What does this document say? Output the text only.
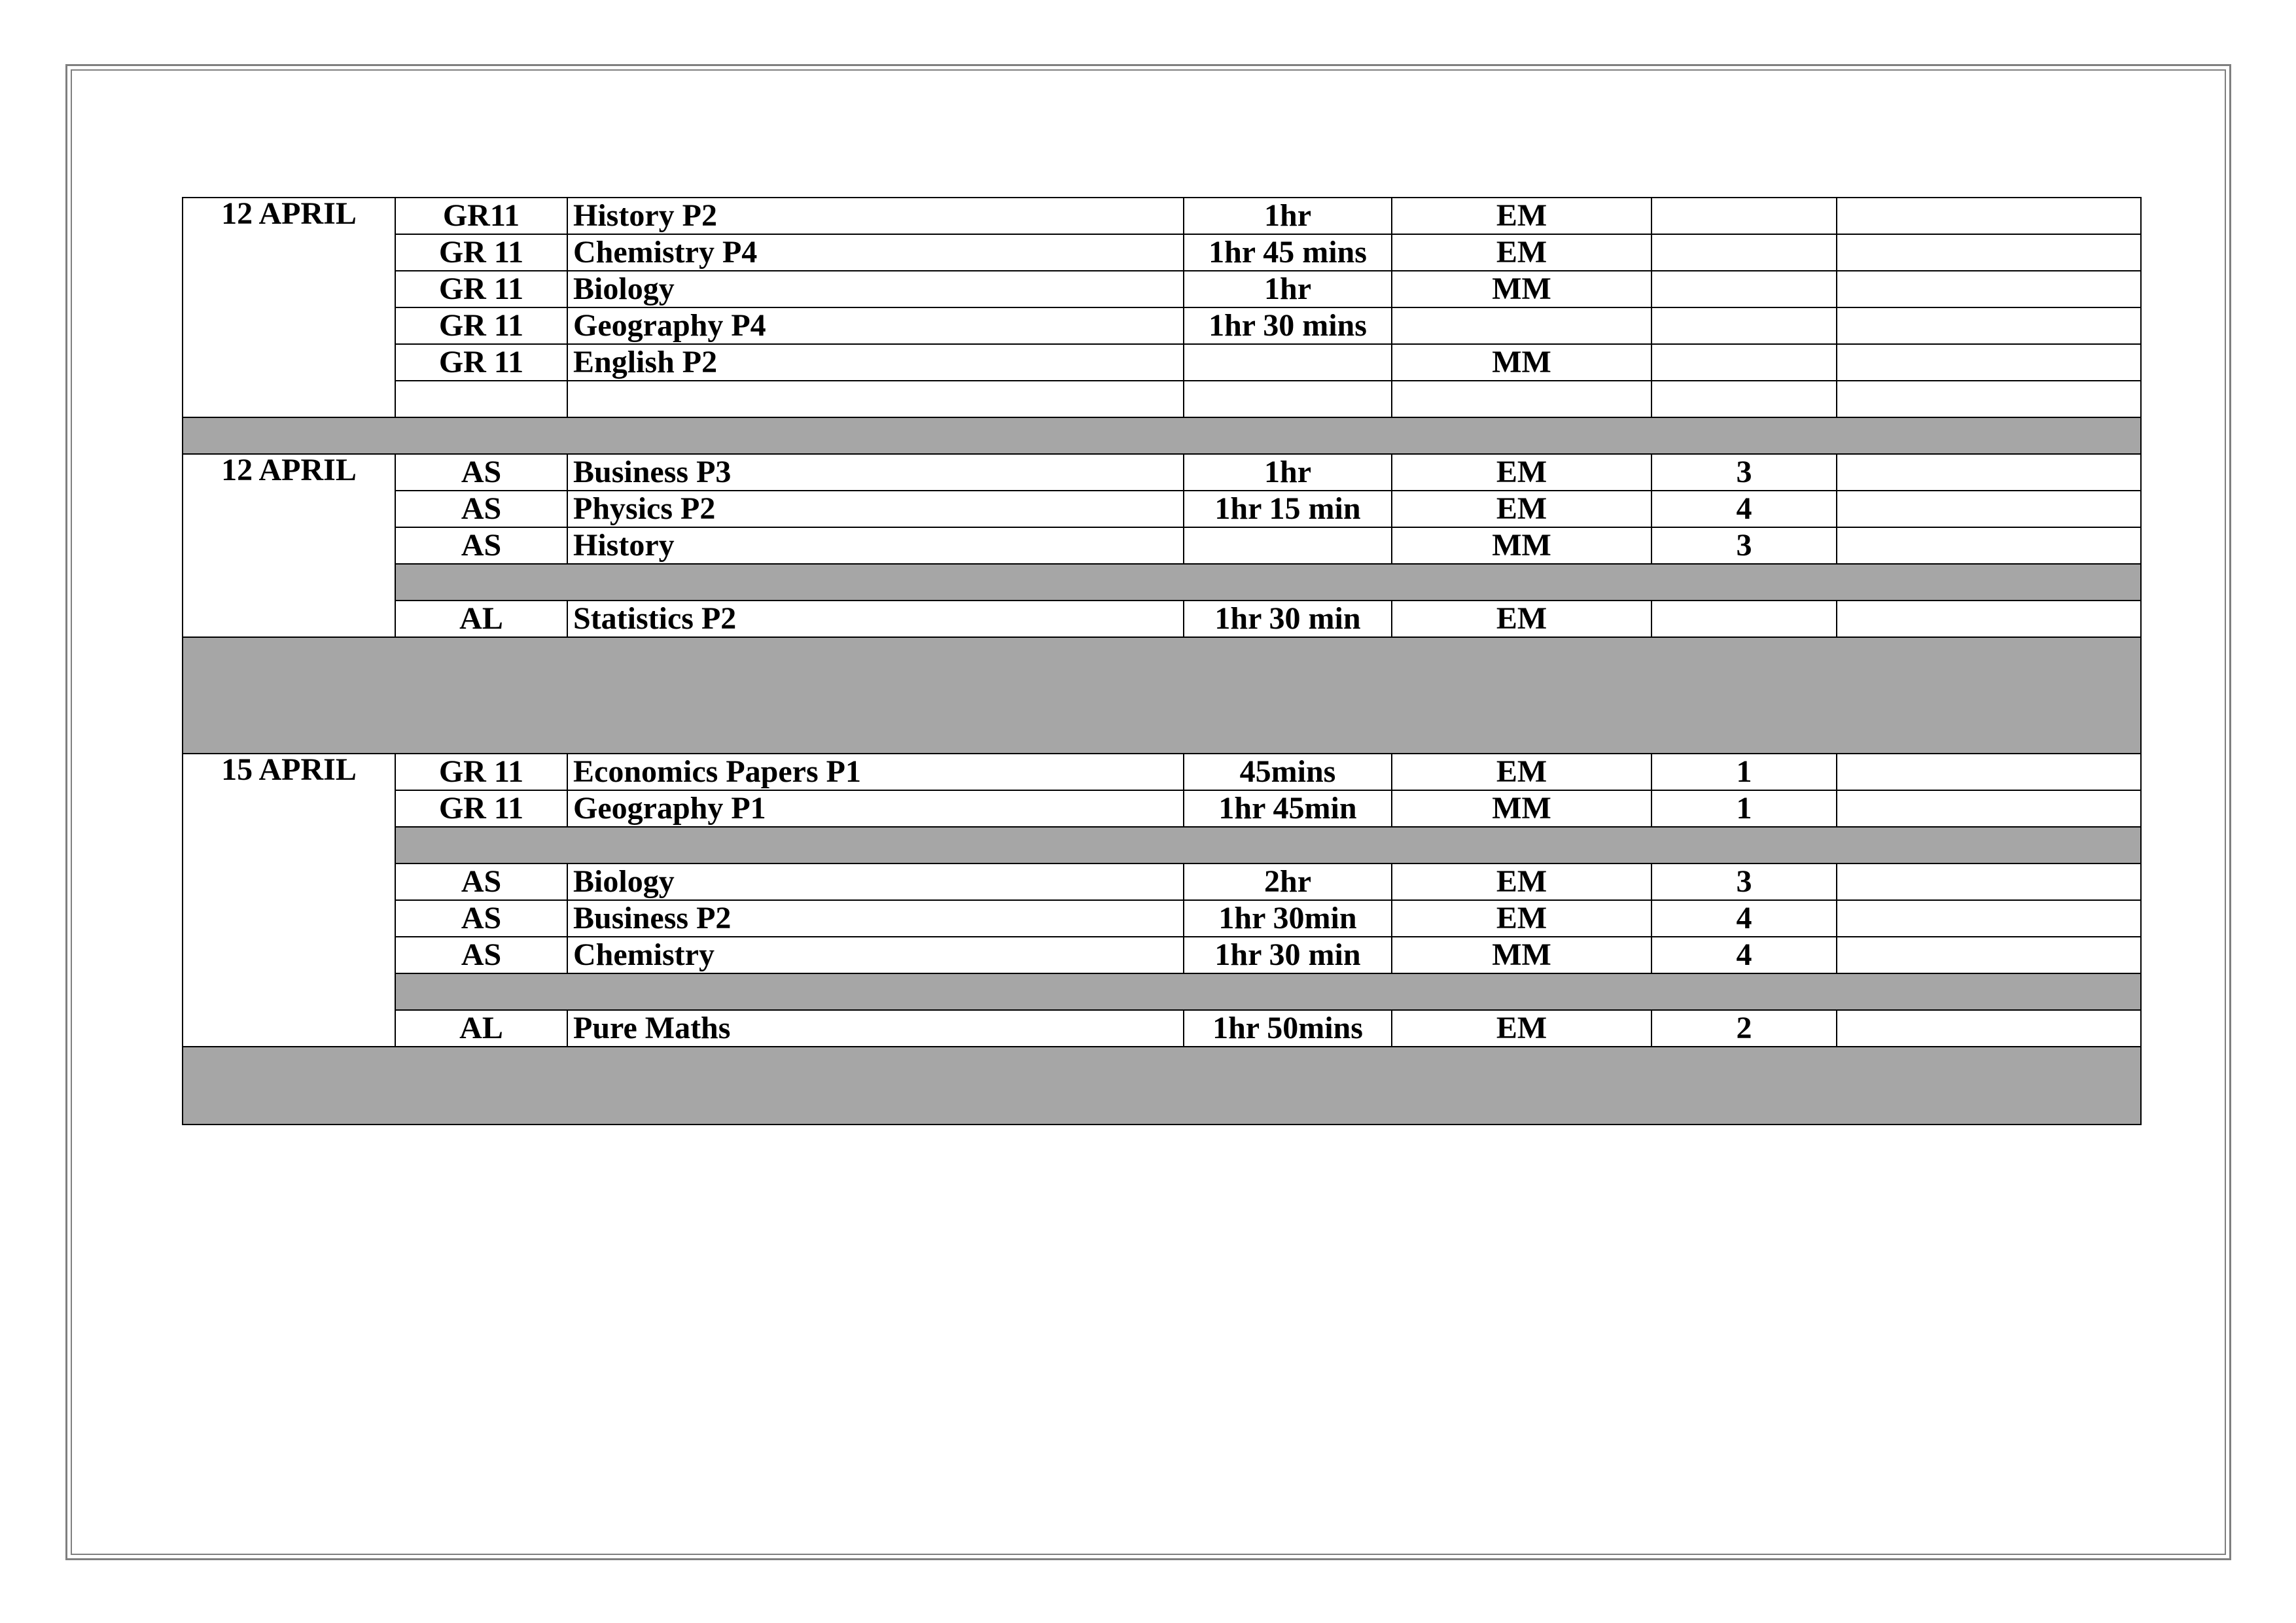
12 APRIL	GR11	History P2	1hr	EM		
	GR 11	Chemistry P4	1hr 45 mins	EM		
	GR 11	Biology	1hr	MM		
	GR 11	Geography P4	1hr 30 mins			
	GR 11	English P2		MM		

12 APRIL	AS	Business P3	1hr	EM	3	
	AS	Physics P2	1hr 15 min	EM	4	
	AS	History		MM	3	

	AL	Statistics P2	1hr 30 min	EM		

15 APRIL	GR 11	Economics Papers P1	45mins	EM	1	
	GR 11	Geography P1	1hr 45min	MM	1	

	AS	Biology	2hr	EM	3	
	AS	Business P2	1hr 30min	EM	4	
	AS	Chemistry	1hr 30 min	MM	4	

	AL	Pure Maths	1hr 50mins	EM	2	
